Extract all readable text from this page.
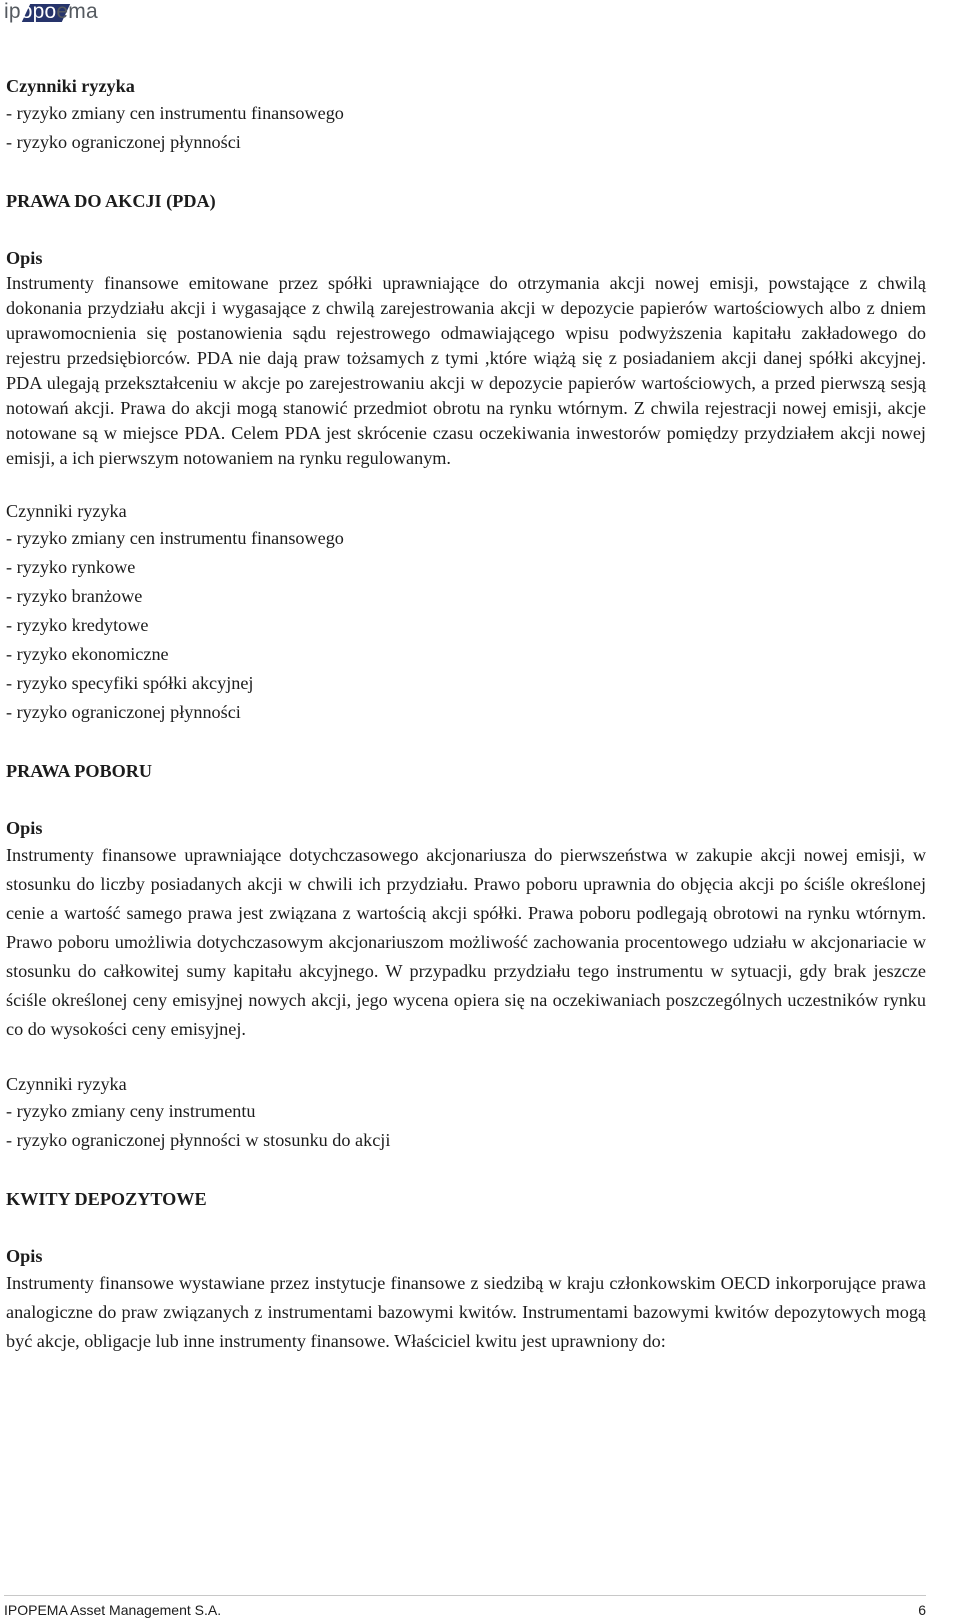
ipopoema

Czynniki ryzyka

- ryzyko zmiany cen instrumentu finansowego
- ryzyko ograniczonej płynności

PRAWA DO AKCJI (PDA)

Opis

Instrumenty finansowe emitowane przez spółki uprawniające do otrzymania akcji nowej emisji, powstające z chwilą dokonania przydziału akcji i wygasające z chwilą zarejestrowania akcji w depozycie papierów wartościowych albo z dniem uprawomocnienia się postanowienia sądu rejestrowego odmawiającego wpisu podwyższenia kapitału zakładowego do rejestru przedsiębiorców. PDA nie dają praw tożsamych z tymi ,które wiążą się z posiadaniem akcji danej spółki akcyjnej. PDA ulegają przekształceniu w akcje po zarejestrowaniu akcji w depozycie papierów wartościowych, a przed pierwszą sesją notowań akcji. Prawa do akcji mogą stanowić przedmiot obrotu na rynku wtórnym. Z chwila rejestracji nowej emisji, akcje notowane są w miejsce PDA. Celem PDA jest skrócenie czasu oczekiwania inwestorów pomiędzy przydziałem akcji nowej emisji, a ich pierwszym notowaniem na rynku regulowanym.

Czynniki ryzyka

- ryzyko zmiany cen instrumentu finansowego
- ryzyko rynkowe
- ryzyko branżowe
- ryzyko kredytowe
- ryzyko ekonomiczne
- ryzyko specyfiki spółki akcyjnej
- ryzyko ograniczonej płynności

PRAWA POBORU

Opis

Instrumenty finansowe uprawniające dotychczasowego akcjonariusza do pierwszeństwa w zakupie akcji nowej emisji, w stosunku do liczby posiadanych akcji w chwili ich przydziału. Prawo poboru uprawnia do objęcia akcji po ściśle określonej cenie a wartość samego prawa jest związana z wartością akcji spółki. Prawa poboru podlegają obrotowi na rynku wtórnym. Prawo poboru umożliwia dotychczasowym akcjonariuszom możliwość zachowania procentowego udziału w akcjonariacie w stosunku do całkowitej sumy kapitału akcyjnego. W przypadku przydziału tego instrumentu w sytuacji, gdy brak jeszcze ściśle określonej ceny emisyjnej nowych akcji, jego wycena opiera się na oczekiwaniach poszczególnych uczestników rynku co do wysokości ceny emisyjnej.

Czynniki ryzyka

- ryzyko zmiany ceny instrumentu
- ryzyko ograniczonej płynności w stosunku do akcji

KWITY DEPOZYTOWE

Opis

Instrumenty finansowe wystawiane przez instytucje finansowe z siedzibą w kraju członkowskim OECD inkorporujące prawa analogiczne do praw związanych z instrumentami bazowymi kwitów. Instrumentami bazowymi kwitów depozytowych mogą być akcje, obligacje lub inne instrumenty finansowe. Właściciel kwitu jest uprawniony do:

IPOPEMA Asset Management S.A.	6
